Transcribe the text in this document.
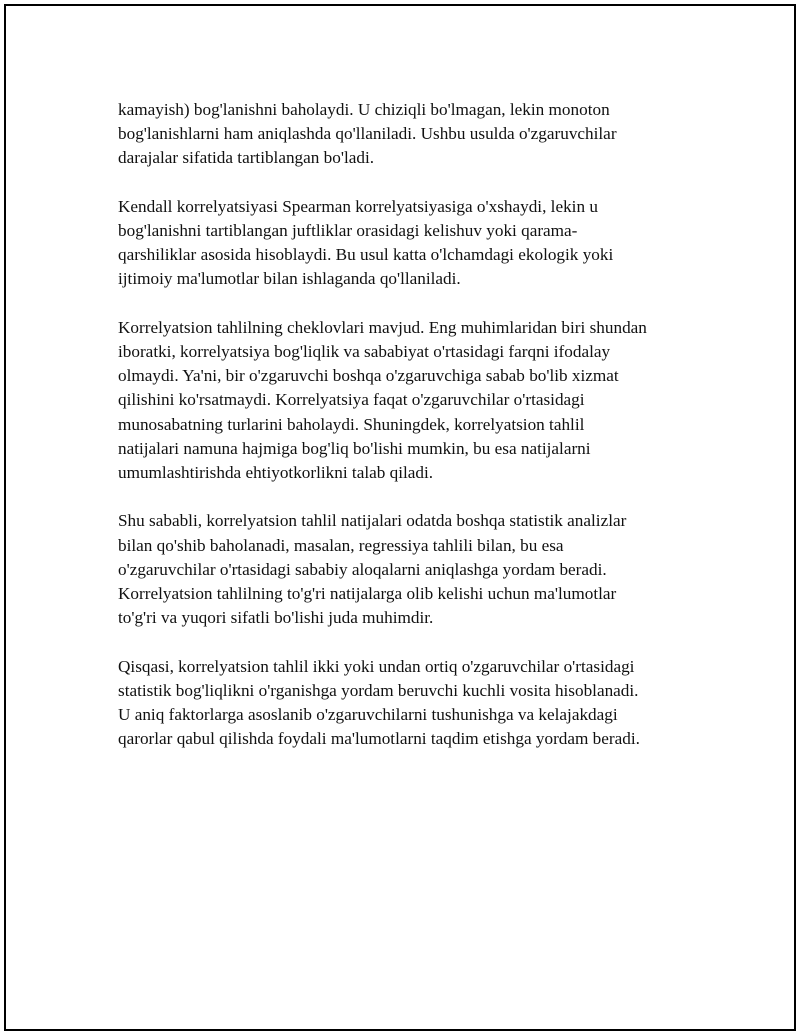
kamayish) bog'lanishni baholaydi. U chiziqli bo'lmagan, lekin monoton
bog'lanishlarni ham aniqlashda qo'llaniladi. Ushbu usulda o'zgaruvchilar
darajalar sifatida tartiblangan bo'ladi.

Kendall korrelyatsiyasi Spearman korrelyatsiyasiga o'xshaydi, lekin u
bog'lanishni tartiblangan juftliklar orasidagi kelishuv yoki qarama-
qarshiliklar asosida hisoblaydi. Bu usul katta o'lchamdagi ekologik yoki
ijtimoiy ma'lumotlar bilan ishlaganda qo'llaniladi.

Korrelyatsion tahlilning cheklovlari mavjud. Eng muhimlaridan biri shundan
iboratki, korrelyatsiya bog'liqlik va sababiyat o'rtasidagi farqni ifodalay
olmaydi. Ya'ni, bir o'zgaruvchi boshqa o'zgaruvchiga sabab bo'lib xizmat
qilishini ko'rsatmaydi. Korrelyatsiya faqat o'zgaruvchilar o'rtasidagi
munosabatning turlarini baholaydi. Shuningdek, korrelyatsion tahlil
natijalari namuna hajmiga bog'liq bo'lishi mumkin, bu esa natijalarni
umumlashtirishda ehtiyotkorlikni talab qiladi.

Shu sababli, korrelyatsion tahlil natijalari odatda boshqa statistik analizlar
bilan qo'shib baholanadi, masalan, regressiya tahlili bilan, bu esa
o'zgaruvchilar o'rtasidagi sababiy aloqalarni aniqlashga yordam beradi.
Korrelyatsion tahlilning to'g'ri natijalarga olib kelishi uchun ma'lumotlar
to'g'ri va yuqori sifatli bo'lishi juda muhimdir.

Qisqasi, korrelyatsion tahlil ikki yoki undan ortiq o'zgaruvchilar o'rtasidagi
statistik bog'liqlikni o'rganishga yordam beruvchi kuchli vosita hisoblanadi.
U aniq faktorlarga asoslanib o'zgaruvchilarni tushunishga va kelajakdagi
qarorlar qabul qilishda foydali ma'lumotlarni taqdim etishga yordam beradi.
